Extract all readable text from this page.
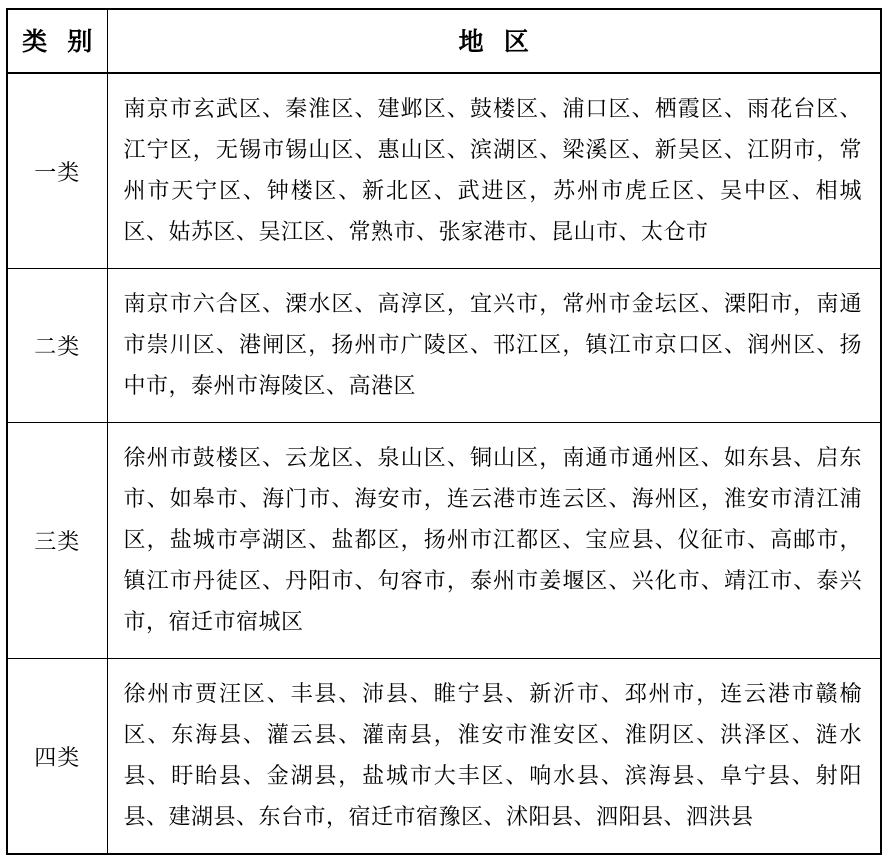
类 别	地 区
一类	南京市玄武区、秦淮区、建邺区、鼓楼区、浦口区、栖霞区、雨花台区、江宁区，无锡市锡山区、惠山区、滨湖区、梁溪区、新吴区、江阴市，常州市天宁区、钟楼区、新北区、武进区，苏州市虎丘区、吴中区、相城区、姑苏区、吴江区、常熟市、张家港市、昆山市、太仓市
二类	南京市六合区、溧水区、高淳区，宜兴市，常州市金坛区、溧阳市，南通市崇川区、港闸区，扬州市广陵区、邗江区，镇江市京口区、润州区、扬中市，泰州市海陵区、高港区
三类	徐州市鼓楼区、云龙区、泉山区、铜山区，南通市通州区、如东县、启东市、如皋市、海门市、海安市，连云港市连云区、海州区，淮安市清江浦区，盐城市亭湖区、盐都区，扬州市江都区、宝应县、仪征市、高邮市，镇江市丹徒区、丹阳市、句容市，泰州市姜堰区、兴化市、靖江市、泰兴市，宿迁市宿城区
四类	徐州市贾汪区、丰县、沛县、睢宁县、新沂市、邳州市，连云港市赣榆区、东海县、灌云县、灌南县，淮安市淮安区、淮阴区、洪泽区、涟水县、盱眙县、金湖县，盐城市大丰区、响水县、滨海县、阜宁县、射阳县、建湖县、东台市，宿迁市宿豫区、沭阳县、泗阳县、泗洪县
